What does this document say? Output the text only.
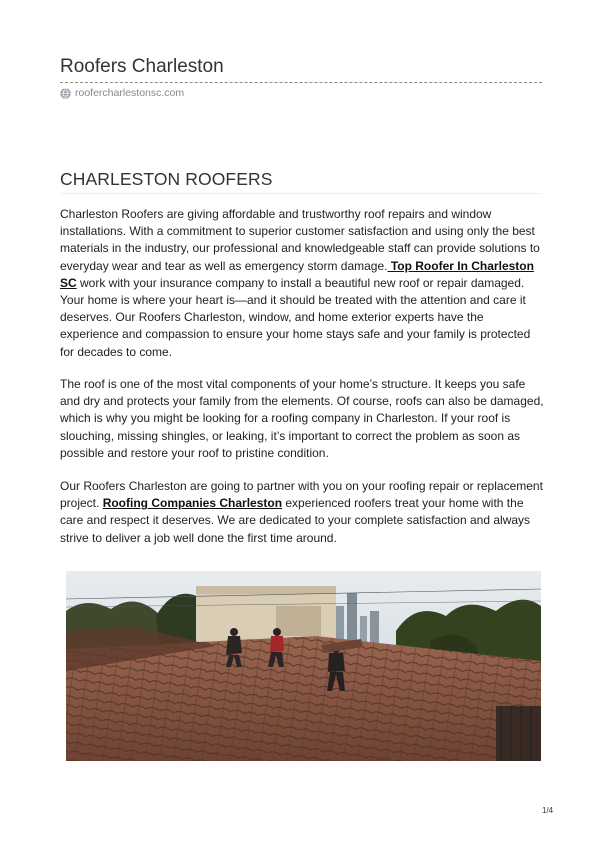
Roofers Charleston
roofercharlestonsc.com
CHARLESTON ROOFERS

Charleston Roofers are giving affordable and trustworthy roof repairs and window installations. With a commitment to superior customer satisfaction and using only the best materials in the industry, our professional and knowledgeable staff can provide solutions to everyday wear and tear as well as emergency storm damage. Top Roofer In Charleston SC work with your insurance company to install a beautiful new roof or repair damaged. Your home is where your heart is—and it should be treated with the attention and care it deserves. Our Roofers Charleston, window, and home exterior experts have the experience and compassion to ensure your home stays safe and your family is protected for decades to come.

The roof is one of the most vital components of your home’s structure. It keeps you safe and dry and protects your family from the elements. Of course, roofs can also be damaged, which is why you might be looking for a roofing company in Charleston. If your roof is slouching, missing shingles, or leaking, it’s important to correct the problem as soon as possible and restore your roof to pristine condition.

Our Roofers Charleston are going to partner with you on your roofing repair or replacement project. Roofing Companies Charleston experienced roofers treat your home with the care and respect it deserves. We are dedicated to your complete satisfaction and always strive to deliver a job well done the first time around.

1/4
